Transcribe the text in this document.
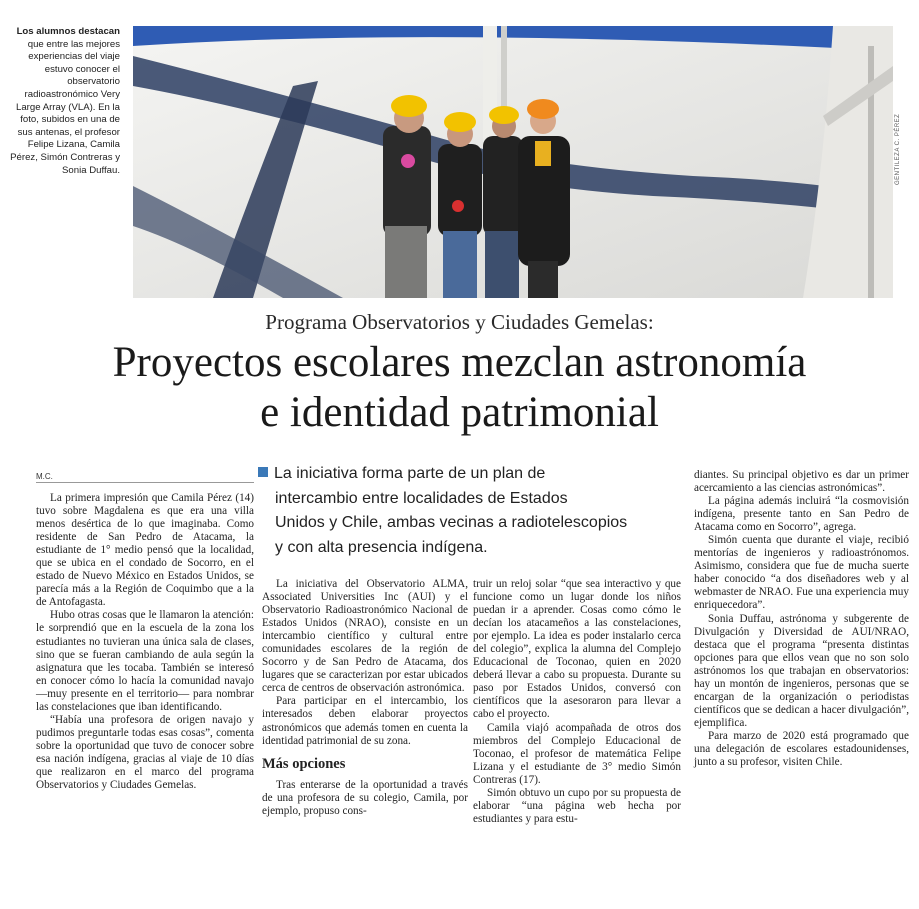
Los alumnos destacan que entre las mejores experiencias del viaje estuvo conocer el observatorio radioastronómico Very Large Array (VLA). En la foto, subidos en una de sus antenas, el profesor Felipe Lizana, Camila Pérez, Simón Contreras y Sonia Duffau.	GENTILEZA C. PÉREZ
Programa Observatorios y Ciudades Gemelas:
Proyectos escolares mezclan astronomía
e identidad patrimonial
M.C.

La primera impresión que Camila Pérez (14) tuvo sobre Magdalena es que era una villa menos desértica de lo que imaginaba. Como residente de San Pedro de Atacama, la estudiante de 1° medio pensó que la localidad, que se ubica en el condado de Socorro, en el estado de Nuevo México en Estados Unidos, se parecía más a la Región de Coquimbo que a la de Antofagasta.

Hubo otras cosas que le llamaron la atención: le sorprendió que en la escuela de la zona los estudiantes no tuvieran una única sala de clases, sino que se fueran cambiando de aula según la asignatura que les tocaba. También se interesó en conocer cómo lo hacía la comunidad navajo —muy presente en el territorio— para nombrar las constelaciones que iban identificando.

“Había una profesora de origen navajo y pudimos preguntarle todas esas cosas”, comenta sobre la oportunidad que tuvo de conocer sobre esa nación indígena, gracias al viaje de 10 días que realizaron en el marco del programa Observatorios y Ciudades Gemelas.

La iniciativa forma parte de un plan de
intercambio entre localidades de Estados
Unidos y Chile, ambas vecinas a radiotelescopios
y con alta presencia indígena.

La iniciativa del Observatorio ALMA, Associated Universities Inc (AUI) y el Observatorio Radioastronómico Nacional de Estados Unidos (NRAO), consiste en un intercambio científico y cultural entre comunidades escolares de la región de Socorro y de San Pedro de Atacama, dos lugares que se caracterizan por estar ubicados cerca de centros de observación astronómica.

Para participar en el intercambio, los interesados deben elaborar proyectos astronómicos que además tomen en cuenta la identidad patrimonial de su zona.

Más opciones

Tras enterarse de la oportunidad a través de una profesora de su colegio, Camila, por ejemplo, propuso cons-

truir un reloj solar “que sea interactivo y que funcione como un lugar donde los niños puedan ir a aprender. Cosas como cómo le decían los atacameños a las constelaciones, por ejemplo. La idea es poder instalarlo cerca del colegio”, explica la alumna del Complejo Educacional de Toconao, quien en 2020 deberá llevar a cabo su propuesta. Durante su paso por Estados Unidos, conversó con científicos que la asesoraron para llevar a cabo el proyecto.

Camila viajó acompañada de otros dos miembros del Complejo Educacional de Toconao, el profesor de matemática Felipe Lizana y el estudiante de 3° medio Simón Contreras (17).

Simón obtuvo un cupo por su propuesta de elaborar “una página web hecha por estudiantes y para estu-

diantes. Su principal objetivo es dar un primer acercamiento a las ciencias astronómicas”.

La página además incluirá “la cosmovisión indígena, presente tanto en San Pedro de Atacama como en Socorro”, agrega.

Simón cuenta que durante el viaje, recibió mentorías de ingenieros y radioastrónomos. Asimismo, considera que fue de mucha suerte haber conocido “a dos diseñadores web y al webmaster de NRAO. Fue una experiencia muy enriquecedora”.

Sonia Duffau, astrónoma y subgerente de Divulgación y Diversidad de AUI/NRAO, destaca que el programa “presenta distintas opciones para que ellos vean que no son solo astrónomos los que trabajan en observatorios: hay un montón de ingenieros, personas que se encargan de la organización o periodistas científicos que se dedican a hacer divulgación”, ejemplifica.

Para marzo de 2020 está programado que una delegación de escolares estadounidenses, junto a su profesor, visiten Chile.
